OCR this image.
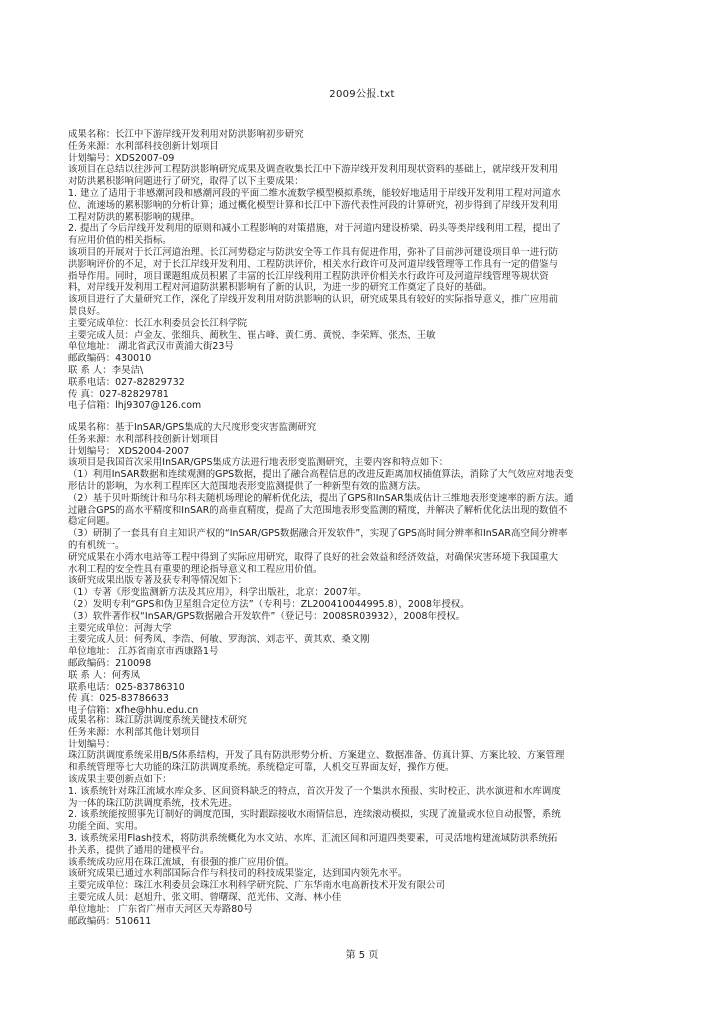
2009公报.txt
成果名称：长江中下游岸线开发利用对防洪影响初步研究
任务来源：水利部科技创新计划项目
计划编号：XDS2007-09
该项目在总结以往涉河工程防洪影响研究成果及调查收集长江中下游岸线开发利用现状资料的基础上，就岸线开发利用
对防洪累积影响问题进行了研究，取得了以下主要成果：
1. 建立了适用于非感潮河段和感潮河段的平面二维水流数学模型模拟系统，能较好地适用于岸线开发利用工程对河道水
位、流速场的累积影响的分析计算；通过概化模型计算和长江中下游代表性河段的计算研究，初步得到了岸线开发利用
工程对防洪的累积影响的规律。
2. 提出了今后岸线开发利用的原则和减小工程影响的对策措施，对于河道内建设桥梁、码头等类岸线利用工程，提出了
有应用价值的相关指标。
该项目的开展对于长江河道治理、长江河势稳定与防洪安全等工作具有促进作用，弥补了目前涉河建设项目单一进行防
洪影响评价的不足，对于长江岸线开发利用、工程防洪评价，相关水行政许可及河道岸线管理等工作具有一定的借鉴与
指导作用。同时，项目课题组成员积累了丰富的长江岸线利用工程防洪评价相关水行政许可及河道岸线管理等规状资
料，对岸线开发利用工程对河道防洪累积影响有了新的认识，为进一步的研究工作奠定了良好的基础。
该项目进行了大量研究工作，深化了岸线开发利用对防洪影响的认识，研究成果具有较好的实际指导意义，推广应用前
景良好。
主要完成单位：长江水利委员会长江科学院
主要完成人员：卢金友、张细兵、蔺秋生、崔占峰、黄仁勇、黄悦、李荣辉、张杰、王敏
单位地址： 湖北省武汉市黄浦大街23号
邮政编码：430010
联 系 人：李昊洁\
联系电话：027-82829732
传 真：027-82829781
电子信箱：lhj9307@126.com
成果名称：基于InSAR/GPS集成的大尺度形变灾害监测研究
任务来源：水利部科技创新计划项目
计划编号： XDS2004-2007
该项目是我国首次采用InSAR/GPS集成方法进行地表形变监测研究，主要内容和特点如下：
（1）利用InSAR数据和连续观测的GPS数据，提出了融合高程信息的改进反距离加权插值算法，消除了大气效应对地表变
形估计的影响，为水利工程库区大范围地表形变监测提供了一种新型有效的监测方法。
（2）基于贝叶斯统计和马尔科夫随机场理论的解析优化法，提出了GPS和InSAR集成估计三维地表形变速率的新方法。通
过融合GPS的高水平精度和InSAR的高垂直精度，提高了大范围地表形变监测的精度，并解决了解析优化法出现的数值不
稳定问题。
（3）研制了一套具有自主知识产权的“InSAR/GPS数据融合开发软件”，实现了GPS高时间分辨率和InSAR高空间分辨率
的有机统一。
研究成果在小湾水电站等工程中得到了实际应用研究，取得了良好的社会效益和经济效益，对确保灾害环境下我国重大
水利工程的安全性具有重要的理论指导意义和工程应用价值。
该研究成果出版专著及获专利等情况如下：
（1）专著《形变监测新方法及其应用》，科学出版社，北京：2007年。
（2）发明专利“GPS和伪卫星组合定位方法”（专利号：ZL200410044995.8），2008年授权。
（3）软件著作权“InSAR/GPS数据融合开发软件”（登记号：2008SR03932），2008年授权。
主要完成单位：河海大学
主要完成人员：何秀凤、李浩、何敏、罗海滨、刘志平、黄其欢、桑文刚
单位地址： 江苏省南京市西康路1号
邮政编码：210098
联 系 人：何秀凤
联系电话：025-83786310
传 真：025-83786633
电子信箱：xfhe@hhu.edu.cn
成果名称：珠江防洪调度系统关键技术研究
任务来源：水利部其他计划项目
计划编号：
珠江防洪调度系统采用B/S体系结构，开发了具有防洪形势分析、方案建立、数据准备、仿真计算、方案比较、方案管理
和系统管理等七大功能的珠江防洪调度系统。系统稳定可靠，人机交互界面友好，操作方便。
该成果主要创新点如下：
1. 该系统针对珠江流域水库众多、区间资料缺乏的特点，首次开发了一个集洪水预报、实时校正、洪水演进和水库调度
为一体的珠江防洪调度系统，技术先进。
2. 该系统能按照事先订制好的调度范围，实时跟踪接收水雨情信息，连续滚动模拟，实现了流量或水位自动报警，系统
功能全面、实用。
3. 该系统采用Flash技术，将防洪系统概化为水文站、水库、汇流区间和河道四类要素，可灵活地构建流域防洪系统拓
扑关系，提供了通用的建模平台。
该系统成功应用在珠江流域，有很强的推广应用价值。
该研究成果已通过水利部国际合作与科技司的科技成果鉴定，达到国内领先水平。
主要完成单位：珠江水利委员会珠江水利科学研究院、广东华南水电高新技术开发有限公司
主要完成人员：赵旭升、张文明、曾曙琛、范光伟、文海、林小佳
单位地址： 广东省广州市天河区天寿路80号
邮政编码：510611
第 5 页
